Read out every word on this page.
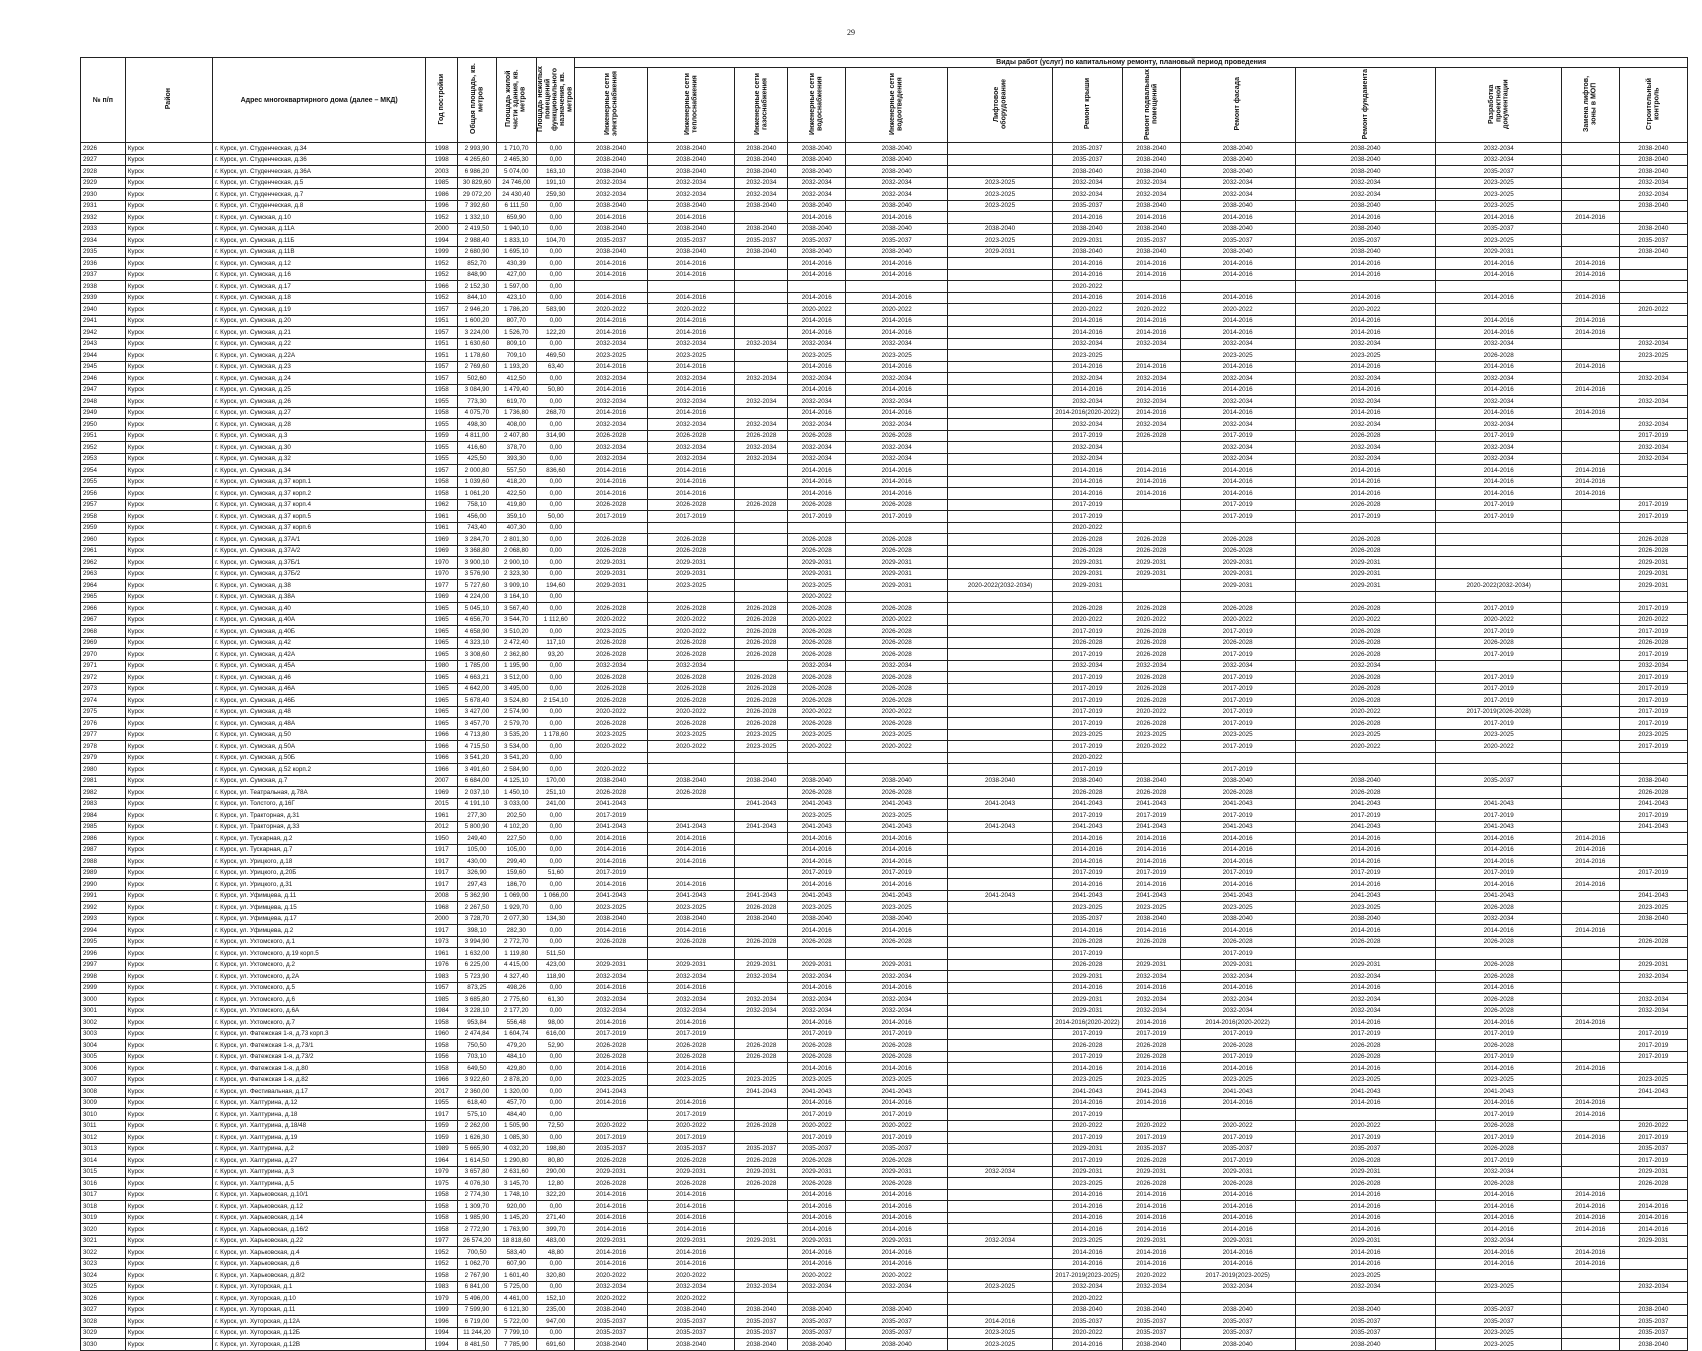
29
№ п/п	Район	Адрес многоквартирного дома (далее – МКД)	Год постройки	Общая площадь, кв. метров	Площадь жилой части здания, кв. метров	Площадь нежилых помещений функционального назначения, кв. метров	Виды работ (услуг) по капитальному ремонту, плановый период проведения												
							Инженерные сети электроснабжения	Инженерные сети теплоснабжения	Инженерные сети газоснабжения	Инженерные сети водоснабжения	Инженерные сети водоотведения	Лифтовое оборудование	Ремонт крыши	Ремонт подвальных помещений	Ремонт фасада	Ремонт фундамента	Разработка проектной документации	Замена лифтов, зоны в МОП	Строительный контроль
2926	Курск	г. Курск, ул. Студенческая, д.34	1998	2 993,90	1 710,70	0,00	2038-2040	2038-2040	2038-2040	2038-2040	2038-2040		2035-2037	2038-2040	2038-2040	2038-2040	2032-2034		2038-2040
2927	Курск	г. Курск, ул. Студенческая, д.36	1998	4 265,60	2 465,30	0,00	2038-2040	2038-2040	2038-2040	2038-2040	2038-2040		2035-2037	2038-2040	2038-2040	2038-2040	2032-2034		2038-2040
2928	Курск	г. Курск, ул. Студенческая, д.36А	2003	6 986,20	5 074,00	163,10	2038-2040	2038-2040	2038-2040	2038-2040	2038-2040		2038-2040	2038-2040	2038-2040	2038-2040	2035-2037		2038-2040
2929	Курск	г. Курск, ул. Студенческая, д.5	1985	30 829,60	24 746,00	191,10	2032-2034	2032-2034	2032-2034	2032-2034	2032-2034	2023-2025	2032-2034	2032-2034	2032-2034	2032-2034	2023-2025		2032-2034
2930	Курск	г. Курск, ул. Студенческая, д.7	1986	29 072,20	24 430,40	259,30	2032-2034	2032-2034	2032-2034	2032-2034	2032-2034	2023-2025	2032-2034	2032-2034	2032-2034	2032-2034	2023-2025		2032-2034
2931	Курск	г. Курск, ул. Студенческая, д.8	1996	7 392,60	6 111,50	0,00	2038-2040	2038-2040	2038-2040	2038-2040	2038-2040	2023-2025	2035-2037	2038-2040	2038-2040	2038-2040	2023-2025		2038-2040
2932	Курск	г. Курск, ул. Сумская, д.10	1952	1 332,10	659,90	0,00	2014-2016	2014-2016		2014-2016	2014-2016		2014-2016	2014-2016	2014-2016	2014-2016	2014-2016	2014-2016	
2933	Курск	г. Курск, ул. Сумская, д.11А	2000	2 419,50	1 940,10	0,00	2038-2040	2038-2040	2038-2040	2038-2040	2038-2040	2038-2040	2038-2040	2038-2040	2038-2040	2038-2040	2035-2037		2038-2040
2934	Курск	г. Курск, ул. Сумская, д.11Б	1994	2 988,40	1 833,10	104,70	2035-2037	2035-2037	2035-2037	2035-2037	2035-2037	2023-2025	2029-2031	2035-2037	2035-2037	2035-2037	2023-2025		2035-2037
2935	Курск	г. Курск, ул. Сумская, д.11В	1999	2 680,90	1 695,10	0,00	2038-2040	2038-2040	2038-2040	2038-2040	2038-2040	2029-2031	2038-2040	2038-2040	2038-2040	2038-2040	2029-2031		2038-2040
2936	Курск	г. Курск, ул. Сумская, д.12	1952	852,70	430,39	0,00	2014-2016	2014-2016		2014-2016	2014-2016		2014-2016	2014-2016	2014-2016	2014-2016	2014-2016	2014-2016	
2937	Курск	г. Курск, ул. Сумская, д.16	1952	848,90	427,00	0,00	2014-2016	2014-2016		2014-2016	2014-2016		2014-2016	2014-2016	2014-2016	2014-2016	2014-2016	2014-2016	
2938	Курск	г. Курск, ул. Сумская, д.17	1966	2 152,30	1 597,00	0,00							2020-2022						
2939	Курск	г. Курск, ул. Сумская, д.18	1952	844,10	423,10	0,00	2014-2016	2014-2016		2014-2016	2014-2016		2014-2016	2014-2016	2014-2016	2014-2016	2014-2016	2014-2016	
2940	Курск	г. Курск, ул. Сумская, д.19	1957	2 946,20	1 786,20	583,90	2020-2022	2020-2022		2020-2022	2020-2022		2020-2022	2020-2022	2020-2022	2020-2022			2020-2022
2941	Курск	г. Курск, ул. Сумская, д.20	1951	1 600,20	807,70	0,00	2014-2016	2014-2016		2014-2016	2014-2016		2014-2016	2014-2016	2014-2016	2014-2016	2014-2016	2014-2016	
2942	Курск	г. Курск, ул. Сумская, д.21	1957	3 224,00	1 526,70	122,20	2014-2016	2014-2016		2014-2016	2014-2016		2014-2016	2014-2016	2014-2016	2014-2016	2014-2016	2014-2016	
2943	Курск	г. Курск, ул. Сумская, д.22	1951	1 630,60	809,10	0,00	2032-2034	2032-2034	2032-2034	2032-2034	2032-2034		2032-2034	2032-2034	2032-2034	2032-2034	2032-2034		2032-2034
2944	Курск	г. Курск, ул. Сумская, д.22А	1951	1 178,60	709,10	469,50	2023-2025	2023-2025		2023-2025	2023-2025		2023-2025		2023-2025	2023-2025	2026-2028		2023-2025
2945	Курск	г. Курск, ул. Сумская, д.23	1957	2 769,60	1 193,20	63,40	2014-2016	2014-2016		2014-2016	2014-2016		2014-2016	2014-2016	2014-2016	2014-2016	2014-2016	2014-2016	
2946	Курск	г. Курск, ул. Сумская, д.24	1957	502,60	412,50	0,00	2032-2034	2032-2034	2032-2034	2032-2034	2032-2034		2032-2034	2032-2034	2032-2034	2032-2034	2032-2034		2032-2034
2947	Курск	г. Курск, ул. Сумская, д.25	1958	3 084,90	1 479,40	50,80	2014-2016	2014-2016		2014-2016	2014-2016		2014-2016	2014-2016	2014-2016	2014-2016	2014-2016	2014-2016	
2948	Курск	г. Курск, ул. Сумская, д.26	1955	773,30	619,70	0,00	2032-2034	2032-2034	2032-2034	2032-2034	2032-2034		2032-2034	2032-2034	2032-2034	2032-2034	2032-2034		2032-2034
2949	Курск	г. Курск, ул. Сумская, д.27	1958	4 075,70	1 736,80	268,70	2014-2016	2014-2016		2014-2016	2014-2016		2014-2016(2020-2022)	2014-2016	2014-2016	2014-2016	2014-2016	2014-2016	
2950	Курск	г. Курск, ул. Сумская, д.28	1955	498,30	408,00	0,00	2032-2034	2032-2034	2032-2034	2032-2034	2032-2034		2032-2034	2032-2034	2032-2034	2032-2034	2032-2034		2032-2034
2951	Курск	г. Курск, ул. Сумская, д.3	1959	4 811,00	2 407,80	314,90	2026-2028	2026-2028	2026-2028	2026-2028	2026-2028		2017-2019	2026-2028	2017-2019	2026-2028	2017-2019		2017-2019
2952	Курск	г. Курск, ул. Сумская, д.30	1955	416,60	378,70	0,00	2032-2034	2032-2034	2032-2034	2032-2034	2032-2034		2032-2034		2032-2034	2032-2034	2032-2034		2032-2034
2953	Курск	г. Курск, ул. Сумская, д.32	1955	425,50	393,30	0,00	2032-2034	2032-2034	2032-2034	2032-2034	2032-2034		2032-2034		2032-2034	2032-2034	2032-2034		2032-2034
2954	Курск	г. Курск, ул. Сумская, д.34	1957	2 000,80	557,50	836,60	2014-2016	2014-2016		2014-2016	2014-2016		2014-2016	2014-2016	2014-2016	2014-2016	2014-2016	2014-2016	
2955	Курск	г. Курск, ул. Сумская, д.37 корп.1	1958	1 039,60	418,20	0,00	2014-2016	2014-2016		2014-2016	2014-2016		2014-2016	2014-2016	2014-2016	2014-2016	2014-2016	2014-2016	
2956	Курск	г. Курск, ул. Сумская, д.37 корп.2	1958	1 061,20	422,50	0,00	2014-2016	2014-2016		2014-2016	2014-2016		2014-2016	2014-2016	2014-2016	2014-2016	2014-2016	2014-2016	
2957	Курск	г. Курск, ул. Сумская, д.37 корп.4	1962	758,10	419,80	0,00	2026-2028	2026-2028	2026-2028	2026-2028	2026-2028		2017-2019		2017-2019	2026-2028	2017-2019		2017-2019
2958	Курск	г. Курск, ул. Сумская, д.37 корп.5	1961	456,00	359,10	50,00	2017-2019	2017-2019		2017-2019	2017-2019		2017-2019		2017-2019	2017-2019	2017-2019		2017-2019
2959	Курск	г. Курск, ул. Сумская, д.37 корп.6	1961	743,40	407,30	0,00							2020-2022						
2960	Курск	г. Курск, ул. Сумская, д.37А/1	1969	3 284,70	2 801,30	0,00	2026-2028	2026-2028		2026-2028	2026-2028		2026-2028	2026-2028	2026-2028	2026-2028			2026-2028
2961	Курск	г. Курск, ул. Сумская, д.37А/2	1969	3 368,80	2 068,80	0,00	2026-2028	2026-2028		2026-2028	2026-2028		2026-2028	2026-2028	2026-2028	2026-2028			2026-2028
2962	Курск	г. Курск, ул. Сумская, д.37Б/1	1970	3 900,10	2 900,10	0,00	2029-2031	2029-2031		2029-2031	2029-2031		2029-2031	2029-2031	2029-2031	2029-2031			2029-2031
2963	Курск	г. Курск, ул. Сумская, д.37Б/2	1970	3 576,90	2 323,30	0,00	2029-2031	2029-2031		2029-2031	2029-2031		2029-2031	2029-2031	2029-2031	2029-2031			2029-2031
2964	Курск	г. Курск, ул. Сумская, д.38	1977	5 727,60	3 909,10	194,60	2029-2031	2023-2025		2023-2025	2029-2031	2020-2022(2032-2034)	2029-2031		2029-2031	2029-2031	2020-2022(2032-2034)		2029-2031
2965	Курск	г. Курск, ул. Сумская, д.38А	1969	4 224,00	3 164,10	0,00				2020-2022									
2966	Курск	г. Курск, ул. Сумская, д.40	1965	5 045,10	3 567,40	0,00	2026-2028	2026-2028	2026-2028	2026-2028	2026-2028		2026-2028	2026-2028	2026-2028	2026-2028	2017-2019		2017-2019
2967	Курск	г. Курск, ул. Сумская, д.40А	1965	4 656,70	3 544,70	1 112,60	2020-2022	2020-2022	2026-2028	2020-2022	2020-2022		2020-2022	2020-2022	2020-2022	2020-2022	2020-2022		2020-2022
2968	Курск	г. Курск, ул. Сумская, д.40Б	1965	4 658,90	3 510,20	0,00	2023-2025	2020-2022	2026-2028	2026-2028	2026-2028		2017-2019	2026-2028	2017-2019	2026-2028	2017-2019		2017-2019
2969	Курск	г. Курск, ул. Сумская, д.42	1965	4 323,10	2 472,40	117,10	2026-2028	2026-2028	2026-2028	2026-2028	2026-2028		2026-2028	2026-2028	2026-2028	2026-2028	2026-2028		2026-2028
2970	Курск	г. Курск, ул. Сумская, д.42А	1965	3 308,60	2 362,80	93,20	2026-2028	2026-2028	2026-2028	2026-2028	2026-2028		2017-2019	2026-2028	2017-2019	2026-2028	2017-2019		2017-2019
2971	Курск	г. Курск, ул. Сумская, д.45А	1980	1 785,00	1 195,90	0,00	2032-2034	2032-2034		2032-2034	2032-2034		2032-2034	2032-2034	2032-2034	2032-2034			2032-2034
2972	Курск	г. Курск, ул. Сумская, д.46	1965	4 663,21	3 512,00	0,00	2026-2028	2026-2028	2026-2028	2026-2028	2026-2028		2017-2019	2026-2028	2017-2019	2026-2028	2017-2019		2017-2019
2973	Курск	г. Курск, ул. Сумская, д.46А	1965	4 642,00	3 495,00	0,00	2026-2028	2026-2028	2026-2028	2026-2028	2026-2028		2017-2019	2026-2028	2017-2019	2026-2028	2017-2019		2017-2019
2974	Курск	г. Курск, ул. Сумская, д.46Б	1965	5 678,40	3 524,80	2 154,10	2026-2028	2026-2028	2026-2028	2026-2028	2026-2028		2017-2019	2026-2028	2017-2019	2026-2028	2017-2019		2017-2019
2975	Курск	г. Курск, ул. Сумская, д.48	1965	3 427,00	2 574,90	0,00	2020-2022	2020-2022	2026-2028	2020-2022	2020-2022		2017-2019	2020-2022	2017-2019	2020-2022	2017-2019(2026-2028)		2017-2019
2976	Курск	г. Курск, ул. Сумская, д.48А	1965	3 457,70	2 579,70	0,00	2026-2028	2026-2028	2026-2028	2026-2028	2026-2028		2017-2019	2026-2028	2017-2019	2026-2028	2017-2019		2017-2019
2977	Курск	г. Курск, ул. Сумская, д.50	1966	4 713,80	3 535,20	1 178,60	2023-2025	2023-2025	2023-2025	2023-2025	2023-2025		2023-2025	2023-2025	2023-2025	2023-2025	2023-2025		2023-2025
2978	Курск	г. Курск, ул. Сумская, д.50А	1966	4 715,50	3 534,00	0,00	2020-2022	2020-2022	2023-2025	2020-2022	2020-2022		2017-2019	2020-2022	2017-2019	2020-2022	2020-2022		2017-2019
2979	Курск	г. Курск, ул. Сумская, д.50Б	1966	3 541,20	3 541,20	0,00							2020-2022						
2980	Курск	г. Курск, ул. Сумская, д.52 корп.2	1966	3 491,60	2 584,90	0,00	2020-2022						2017-2019		2017-2019				
2981	Курск	г. Курск, ул. Сумская, д.7	2007	6 684,00	4 125,10	170,00	2038-2040	2038-2040	2038-2040	2038-2040	2038-2040	2038-2040	2038-2040	2038-2040	2038-2040	2038-2040	2035-2037		2038-2040
2982	Курск	г. Курск, ул. Театральная, д.78А	1969	2 037,10	1 450,10	251,10	2026-2028	2026-2028		2026-2028	2026-2028		2026-2028	2026-2028	2026-2028	2026-2028			2026-2028
2983	Курск	г. Курск, ул. Толстого, д.16Г	2015	4 191,10	3 033,00	241,00	2041-2043		2041-2043	2041-2043	2041-2043	2041-2043	2041-2043	2041-2043	2041-2043	2041-2043	2041-2043		2041-2043
2984	Курск	г. Курск, ул. Тракторная, д.31	1961	277,30	202,50	0,00	2017-2019			2023-2025	2023-2025		2017-2019	2017-2019	2017-2019	2017-2019	2017-2019		2017-2019
2985	Курск	г. Курск, ул. Тракторная, д.33	2012	5 800,90	4 102,20	0,00	2041-2043	2041-2043	2041-2043	2041-2043	2041-2043	2041-2043	2041-2043	2041-2043	2041-2043	2041-2043	2041-2043		2041-2043
2986	Курск	г. Курск, ул. Тускарная, д.2	1950	249,40	227,50	0,00	2014-2016	2014-2016		2014-2016	2014-2016		2014-2016	2014-2016	2014-2016	2014-2016	2014-2016	2014-2016	
2987	Курск	г. Курск, ул. Тускарная, д.7	1917	105,00	105,00	0,00	2014-2016	2014-2016		2014-2016	2014-2016		2014-2016	2014-2016	2014-2016	2014-2016	2014-2016	2014-2016	
2988	Курск	г. Курск, ул. Урицкого, д.18	1917	430,00	299,40	0,00	2014-2016	2014-2016		2014-2016	2014-2016		2014-2016	2014-2016	2014-2016	2014-2016	2014-2016	2014-2016	
2989	Курск	г. Курск, ул. Урицкого, д.20Б	1917	326,90	159,60	51,60	2017-2019			2017-2019	2017-2019		2017-2019	2017-2019	2017-2019	2017-2019	2017-2019		2017-2019
2990	Курск	г. Курск, ул. Урицкого, д.31	1917	297,43	186,70	0,00	2014-2016	2014-2016		2014-2016	2014-2016		2014-2016	2014-2016	2014-2016	2014-2016	2014-2016	2014-2016	
2991	Курск	г. Курск, ул. Уфимцева, д.11	2008	5 362,90	1 069,00	1 066,00	2041-2043	2041-2043	2041-2043	2041-2043	2041-2043	2041-2043	2041-2043	2041-2043	2041-2043	2041-2043	2041-2043		2041-2043
2992	Курск	г. Курск, ул. Уфимцева, д.15	1968	2 267,50	1 929,70	0,00	2023-2025	2023-2025	2026-2028	2023-2025	2023-2025		2023-2025	2023-2025	2023-2025	2023-2025	2026-2028		2023-2025
2993	Курск	г. Курск, ул. Уфимцева, д.17	2000	3 728,70	2 077,30	134,30	2038-2040	2038-2040	2038-2040	2038-2040	2038-2040		2035-2037	2038-2040	2038-2040	2038-2040	2032-2034		2038-2040
2994	Курск	г. Курск, ул. Уфимцева, д.2	1917	398,10	282,30	0,00	2014-2016	2014-2016		2014-2016	2014-2016		2014-2016	2014-2016	2014-2016	2014-2016	2014-2016	2014-2016	
2995	Курск	г. Курск, ул. Ухтомского, д.1	1973	3 994,90	2 772,70	0,00	2026-2028	2026-2028	2026-2028	2026-2028	2026-2028		2026-2028	2026-2028	2026-2028	2026-2028	2026-2028		2026-2028
2996	Курск	г. Курск, ул. Ухтомского, д.19 корп.5	1961	1 632,00	1 119,80	511,50							2017-2019		2017-2019				
2997	Курск	г. Курск, ул. Ухтомского, д.2	1976	6 225,00	4 415,00	423,00	2029-2031	2029-2031	2029-2031	2029-2031	2029-2031		2026-2028	2029-2031	2029-2031	2029-2031	2026-2028		2029-2031
2998	Курск	г. Курск, ул. Ухтомского, д.2А	1983	5 723,90	4 327,40	118,90	2032-2034	2032-2034	2032-2034	2032-2034	2032-2034		2029-2031	2032-2034	2032-2034	2032-2034	2026-2028		2032-2034
2999	Курск	г. Курск, ул. Ухтомского, д.5	1957	873,25	498,26	0,00	2014-2016	2014-2016		2014-2016	2014-2016		2014-2016	2014-2016	2014-2016	2014-2016	2014-2016		
3000	Курск	г. Курск, ул. Ухтомского, д.6	1985	3 685,80	2 775,60	61,30	2032-2034	2032-2034	2032-2034	2032-2034	2032-2034		2029-2031	2032-2034	2032-2034	2032-2034	2026-2028		2032-2034
3001	Курск	г. Курск, ул. Ухтомского, д.6А	1984	3 228,10	2 177,20	0,00	2032-2034	2032-2034	2032-2034	2032-2034	2032-2034		2029-2031	2032-2034	2032-2034	2032-2034	2026-2028		2032-2034
3002	Курск	г. Курск, ул. Ухтомского, д.7	1958	953,84	556,48	98,00	2014-2016	2014-2016		2014-2016	2014-2016		2014-2016(2020-2022)	2014-2016	2014-2016(2020-2022)	2014-2016	2014-2016	2014-2016	
3003	Курск	г. Курск, ул. Фатежская 1-я, д.73 корп.3	1960	2 474,84	1 604,74	616,00	2017-2019	2017-2019		2017-2019	2017-2019		2017-2019	2017-2019	2017-2019	2017-2019	2017-2019		2017-2019
3004	Курск	г. Курск, ул. Фатежская 1-я, д.73/1	1958	750,50	479,20	52,90	2026-2028	2026-2028	2026-2028	2026-2028	2026-2028		2026-2028	2026-2028	2026-2028	2026-2028	2026-2028		2017-2019
3005	Курск	г. Курск, ул. Фатежская 1-я, д.73/2	1956	703,10	484,10	0,00	2026-2028	2026-2028	2026-2028	2026-2028	2026-2028		2017-2019	2026-2028	2017-2019	2026-2028	2017-2019		2017-2019
3006	Курск	г. Курск, ул. Фатежская 1-я, д.80	1958	649,50	429,80	0,00	2014-2016	2014-2016		2014-2016	2014-2016		2014-2016	2014-2016	2014-2016	2014-2016	2014-2016	2014-2016	
3007	Курск	г. Курск, ул. Фатежская 1-я, д.82	1966	3 922,60	2 878,20	0,00	2023-2025	2023-2025	2023-2025	2023-2025	2023-2025		2023-2025	2023-2025	2023-2025	2023-2025	2023-2025		2023-2025
3008	Курск	г. Курск, ул. Фестивальная, д.17	2017	2 360,00	1 320,00	0,00	2041-2043		2041-2043	2041-2043	2041-2043		2041-2043	2041-2043	2041-2043	2041-2043	2041-2043		2041-2043
3009	Курск	г. Курск, ул. Халтурина, д.12	1955	618,40	457,70	0,00	2014-2016	2014-2016		2014-2016	2014-2016		2014-2016	2014-2016	2014-2016	2014-2016	2014-2016	2014-2016	
3010	Курск	г. Курск, ул. Халтурина, д.18	1917	575,10	484,40	0,00		2017-2019		2017-2019	2017-2019		2017-2019				2017-2019	2014-2016	
3011	Курск	г. Курск, ул. Халтурина, д.18/48	1959	2 262,00	1 505,90	72,50	2020-2022	2020-2022	2026-2028	2020-2022	2020-2022		2020-2022	2020-2022	2020-2022	2020-2022	2026-2028		2020-2022
3012	Курск	г. Курск, ул. Халтурина, д.19	1959	1 626,30	1 085,30	0,00	2017-2019	2017-2019		2017-2019	2017-2019		2017-2019	2017-2019	2017-2019	2017-2019	2017-2019	2014-2016	2017-2019
3013	Курск	г. Курск, ул. Халтурина, д.2	1989	5 665,90	4 032,20	198,80	2035-2037	2035-2037	2035-2037	2035-2037	2035-2037		2029-2031	2035-2037	2035-2037	2035-2037	2026-2028		2035-2037
3014	Курск	г. Курск, ул. Халтурина, д.27	1964	1 614,50	1 290,80	80,80	2026-2028	2026-2028	2026-2028	2026-2028	2026-2028		2017-2019	2026-2028	2017-2019	2026-2028	2017-2019		2017-2019
3015	Курск	г. Курск, ул. Халтурина, д.3	1979	3 657,80	2 631,60	290,00	2029-2031	2029-2031	2029-2031	2029-2031	2029-2031	2032-2034	2029-2031	2029-2031	2029-2031	2029-2031	2032-2034		2029-2031
3016	Курск	г. Курск, ул. Халтурина, д.5	1975	4 076,30	3 145,70	12,80	2026-2028	2026-2028	2026-2028	2026-2028	2026-2028		2023-2025	2026-2028	2026-2028	2026-2028	2026-2028		2026-2028
3017	Курск	г. Курск, ул. Харьковская, д.10/1	1958	2 774,30	1 748,10	322,20	2014-2016	2014-2016		2014-2016	2014-2016		2014-2016	2014-2016	2014-2016	2014-2016	2014-2016	2014-2016	
3018	Курск	г. Курск, ул. Харьковская, д.12	1958	1 309,70	920,00	0,00	2014-2016	2014-2016		2014-2016	2014-2016		2014-2016	2014-2016	2014-2016	2014-2016	2014-2016	2014-2016	2014-2016
3019	Курск	г. Курск, ул. Харьковская, д.14	1958	1 985,90	1 145,20	271,40	2014-2016	2014-2016		2014-2016	2014-2016		2014-2016	2014-2016	2014-2016	2014-2016	2014-2016	2014-2016	2014-2016
3020	Курск	г. Курск, ул. Харьковская, д.16/2	1958	2 772,90	1 763,90	399,70	2014-2016	2014-2016		2014-2016	2014-2016		2014-2016	2014-2016	2014-2016	2014-2016	2014-2016	2014-2016	2014-2016
3021	Курск	г. Курск, ул. Харьковская, д.22	1977	26 574,20	18 818,60	483,00	2029-2031	2029-2031	2029-2031	2029-2031	2029-2031	2032-2034	2023-2025	2029-2031	2029-2031	2029-2031	2032-2034		2029-2031
3022	Курск	г. Курск, ул. Харьковская, д.4	1952	700,50	583,40	48,80	2014-2016	2014-2016		2014-2016	2014-2016		2014-2016	2014-2016	2014-2016	2014-2016	2014-2016	2014-2016	
3023	Курск	г. Курск, ул. Харьковская, д.6	1952	1 062,70	607,90	0,00	2014-2016	2014-2016		2014-2016	2014-2016		2014-2016	2014-2016	2014-2016	2014-2016	2014-2016	2014-2016	
3024	Курск	г. Курск, ул. Харьковская, д.8/2	1958	2 767,90	1 601,40	320,80	2020-2022	2020-2022		2020-2022	2020-2022		2017-2019(2023-2025)	2020-2022	2017-2019(2023-2025)	2023-2025			
3025	Курск	г. Курск, ул. Хуторская, д.1	1983	6 841,00	5 725,00	0,00	2032-2034	2032-2034	2032-2034	2032-2034	2032-2034	2023-2025	2032-2034	2032-2034	2032-2034	2032-2034	2023-2025		2032-2034
3026	Курск	г. Курск, ул. Хуторская, д.10	1979	5 496,00	4 461,00	152,10	2020-2022	2020-2022					2020-2022						
3027	Курск	г. Курск, ул. Хуторская, д.11	1999	7 599,90	6 121,30	235,00	2038-2040	2038-2040	2038-2040	2038-2040	2038-2040		2038-2040	2038-2040	2038-2040	2038-2040	2035-2037		2038-2040
3028	Курск	г. Курск, ул. Хуторская, д.12А	1996	6 719,00	5 722,00	947,00	2035-2037	2035-2037	2035-2037	2035-2037	2035-2037	2014-2016	2035-2037	2035-2037	2035-2037	2035-2037	2035-2037		2035-2037
3029	Курск	г. Курск, ул. Хуторская, д.12Б	1994	11 244,20	7 799,10	0,00	2035-2037	2035-2037	2035-2037	2035-2037	2035-2037	2023-2025	2020-2022	2035-2037	2035-2037	2035-2037	2023-2025		2035-2037
3030	Курск	г. Курск, ул. Хуторская, д.12В	1994	8 481,50	7 785,90	691,60	2038-2040	2038-2040	2038-2040	2038-2040	2038-2040	2023-2025	2014-2016	2038-2040	2038-2040	2038-2040	2023-2025		2038-2040
